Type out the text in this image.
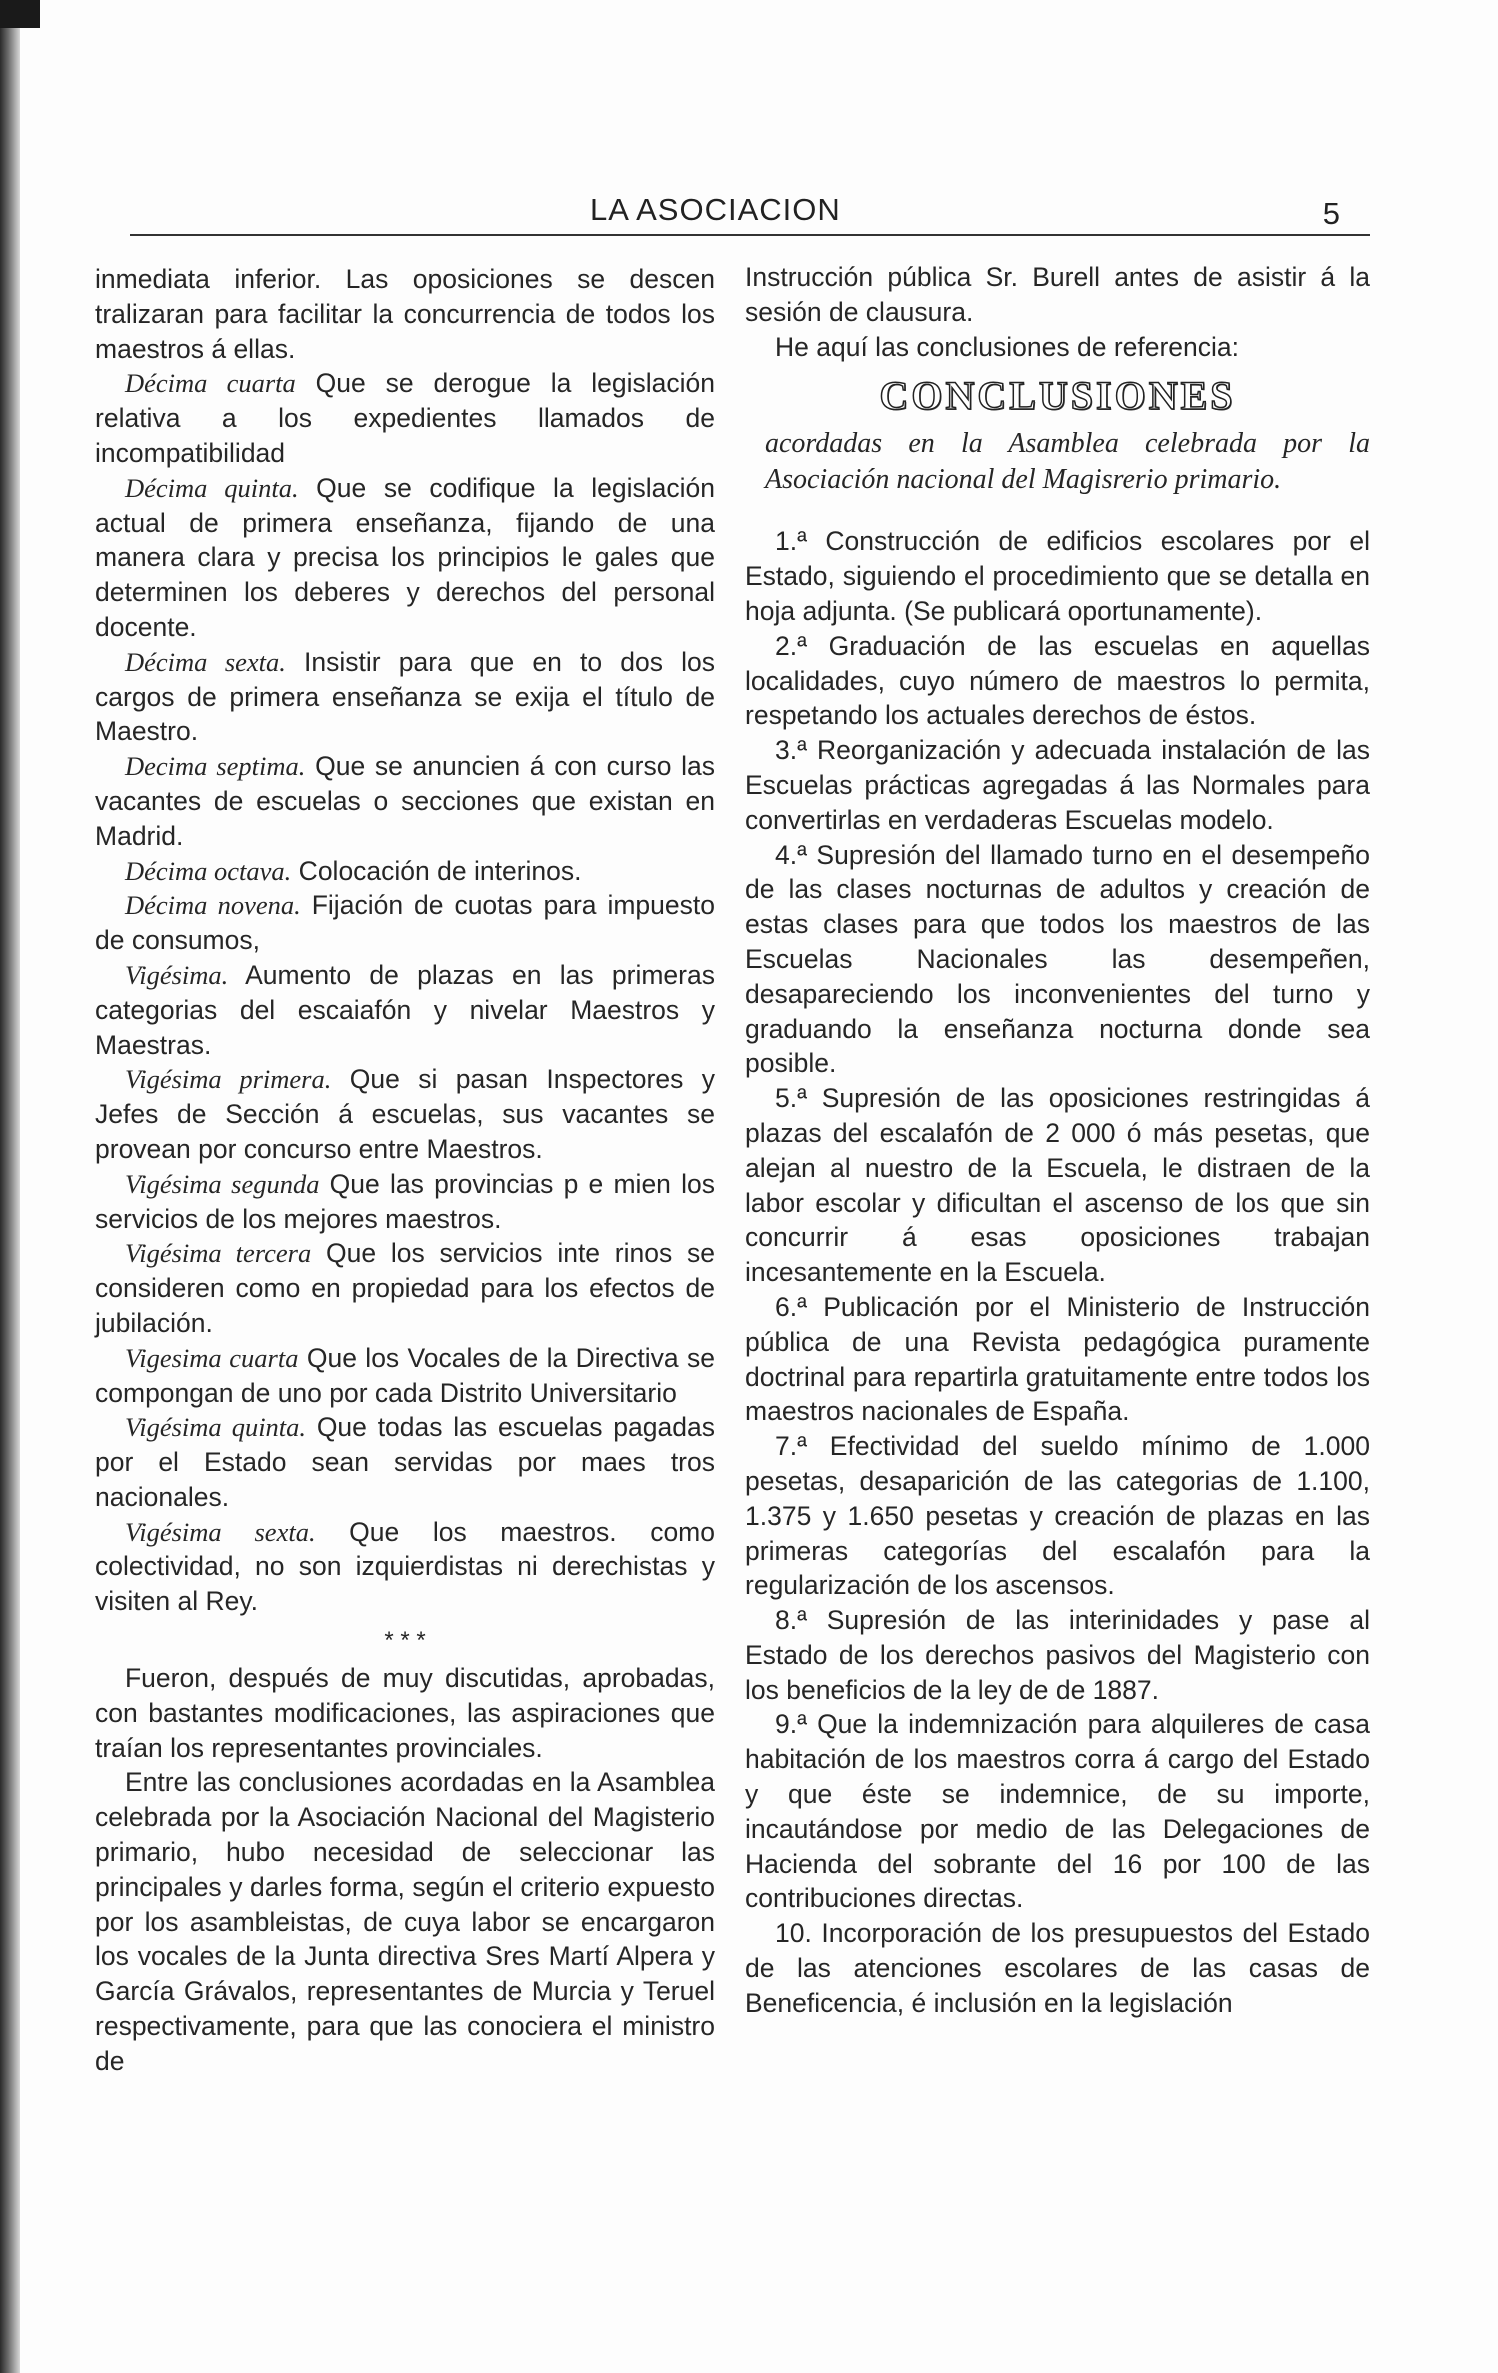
LA ASOCIACION	5

inmediata inferior. Las oposiciones se descen tralizaran para facilitar la concurrencia de todos los maestros á ellas.

Décima cuarta Que se derogue la legislación relativa a los expedientes llamados de incompatibilidad

Décima quinta. Que se codifique la legislación actual de primera enseñanza, fijando de una manera clara y precisa los principios le gales que determinen los deberes y derechos del personal docente.

Décima sexta. Insistir para que en to dos los cargos de primera enseñanza se exija el título de Maestro.

Decima septima. Que se anuncien á con curso las vacantes de escuelas o secciones que existan en Madrid.

Décima octava. Colocación de interinos.

Décima novena. Fijación de cuotas para impuesto de consumos,

Vigésima. Aumento de plazas en las primeras categorias del escaiafón y nivelar Maestros y Maestras.

Vigésima primera. Que si pasan Inspectores y Jefes de Sección á escuelas, sus vacantes se provean por concurso entre Maestros.

Vigésima segunda Que las provincias p e mien los servicios de los mejores maestros.

Vigésima tercera Que los servicios inte rinos se consideren como en propiedad para los efectos de jubilación.

Vigesima cuarta Que los Vocales de la Directiva se compongan de uno por cada Distrito Universitario

Vigésima quinta. Que todas las escuelas pagadas por el Estado sean servidas por maes tros nacionales.

Vigésima sexta. Que los maestros. como colectividad, no son izquierdistas ni derechistas y visiten al Rey.

* * *

Fueron, después de muy discutidas, aprobadas, con bastantes modificaciones, las aspiraciones que traían los representantes provinciales.

Entre las conclusiones acordadas en la Asamblea celebrada por la Asociación Nacional del Magisterio primario, hubo necesidad de seleccionar las principales y darles forma, según el criterio expuesto por los asambleistas, de cuya labor se encargaron los vocales de la Junta directiva Sres Martí Alpera y García Grávalos, representantes de Murcia y Teruel respectivamente, para que las conociera el ministro de

Instrucción pública Sr. Burell antes de asistir á la sesión de clausura.

He aquí las conclusiones de referencia:

CONCLUSIONES
acordadas en la Asamblea celebrada por la Asociación nacional del Magisrerio primario.

1.ª Construcción de edificios escolares por el Estado, siguiendo el procedimiento que se detalla en hoja adjunta. (Se publicará oportunamente).

2.ª Graduación de las escuelas en aquellas localidades, cuyo número de maestros lo permita, respetando los actuales derechos de éstos.

3.ª Reorganización y adecuada instalación de las Escuelas prácticas agregadas á las Normales para convertirlas en verdaderas Escuelas modelo.

4.ª Supresión del llamado turno en el desempeño de las clases nocturnas de adultos y creación de estas clases para que todos los maestros de las Escuelas Nacionales las desempeñen, desapareciendo los inconvenientes del turno y graduando la enseñanza nocturna donde sea posible.

5.ª Supresión de las oposiciones restringidas á plazas del escalafón de 2 000 ó más pesetas, que alejan al nuestro de la Escuela, le distraen de la labor escolar y dificultan el ascenso de los que sin concurrir á esas oposiciones trabajan incesantemente en la Escuela.

6.ª Publicación por el Ministerio de Instrucción pública de una Revista pedagógica puramente doctrinal para repartirla gratuitamente entre todos los maestros nacionales de España.

7.ª Efectividad del sueldo mínimo de 1.000 pesetas, desaparición de las categorias de 1.100, 1.375 y 1.650 pesetas y creación de plazas en las primeras categorías del escalafón para la regularización de los ascensos.

8.ª Supresión de las interinidades y pase al Estado de los derechos pasivos del Magisterio con los beneficios de la ley de de 1887.

9.ª Que la indemnización para alquileres de casa habitación de los maestros corra á cargo del Estado y que éste se indemnice, de su importe, incautándose por medio de las Delegaciones de Hacienda del sobrante del 16 por 100 de las contribuciones directas.

10. Incorporación de los presupuestos del Estado de las atenciones escolares de las casas de Beneficencia, é inclusión en la legislación
